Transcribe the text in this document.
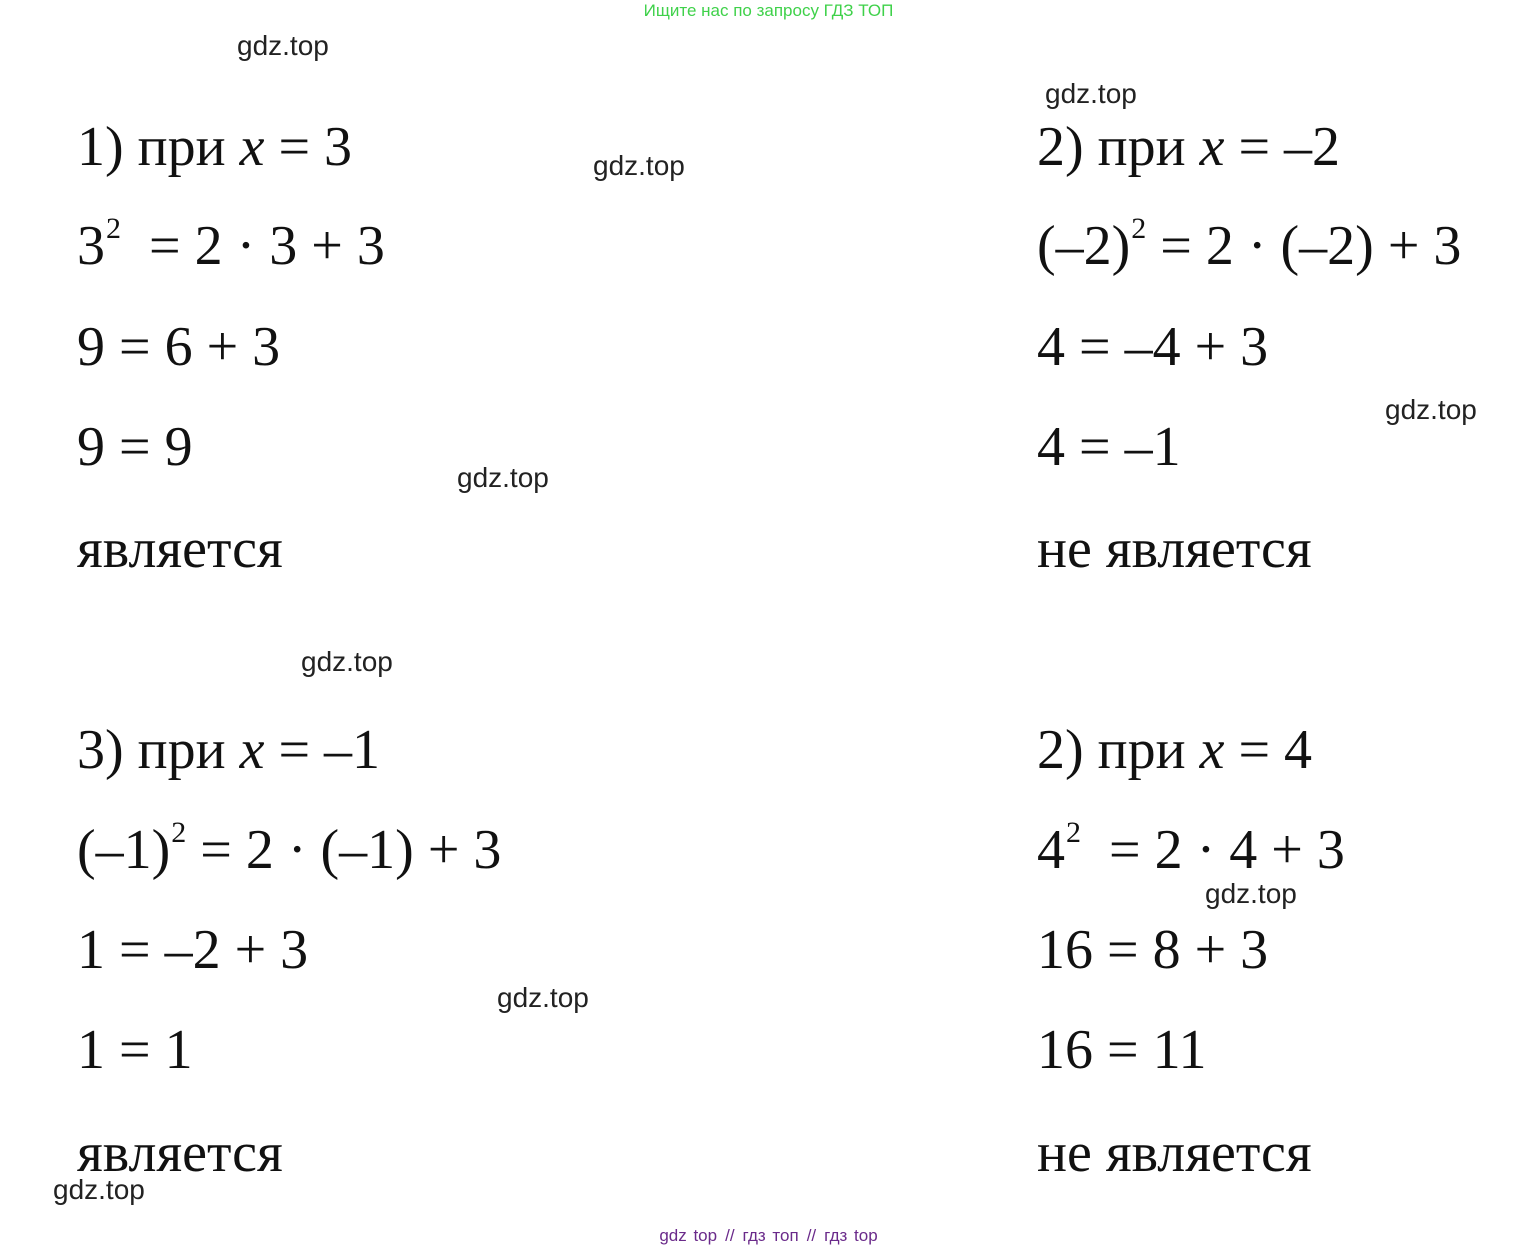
Ищите нас по запросу ГДЗ ТОП
gdz.top
gdz.top
gdz.top
gdz.top
gdz.top
gdz.top
gdz.top
gdz.top
gdz.top
1) при x = 3
$3^2 = 2 \cdot 3 + 3$
9 = 6 + 3
9 = 9
является
2) при x = –2
$(-2)^2 = 2 \cdot (-2) + 3$
4 = –4 + 3
4 = –1
не является
3) при x = –1
$(-1)^2 = 2 \cdot (-1) + 3$
1 = –2 + 3
1 = 1
является
2) при x = 4
$4^2 = 2 \cdot 4 + 3$
16 = 8 + 3
16 = 11
не является
gdz top // гдз топ // гдз top
